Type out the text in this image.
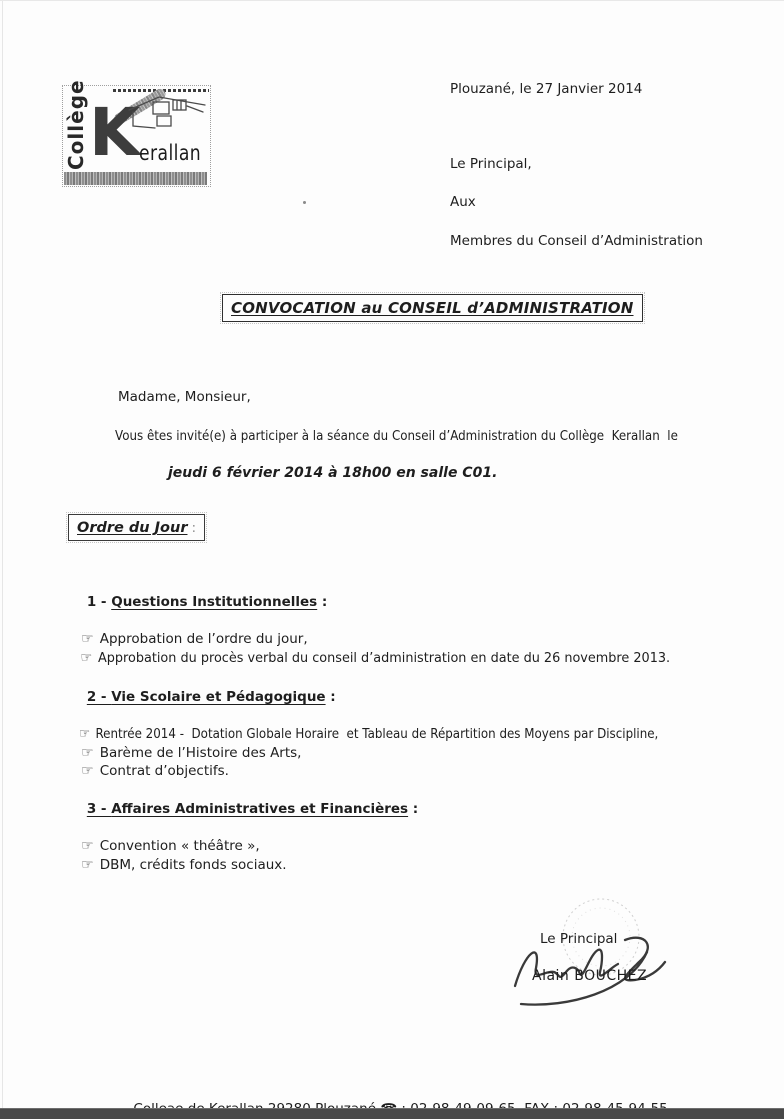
Collège K
erallan
Plouzané, le 27 Janvier 2014
Le Principal,
Aux
Membres du Conseil d’Administration
CONVOCATION au CONSEIL d’ADMINISTRATION
Madame, Monsieur,
Vous êtes invité(e) à participer à la séance du Conseil d’Administration du Collège  Kerallan  le
jeudi 6 février 2014 à 18h00 en salle C01.
Ordre du Jour :

1 - Questions Institutionnelles :

☞ Approbation de l’ordre du jour,

☞ Approbation du procès verbal du conseil d’administration en date du 26 novembre 2013.

2 - Vie Scolaire et Pédagogique :

☞ Rentrée 2014 -  Dotation Globale Horaire  et Tableau de Répartition des Moyens par Discipline,

☞ Barème de l’Histoire des Arts,

☞ Contrat d’objectifs.

3 - Affaires Administratives et Financières :

☞ Convention « théâtre »,

☞ DBM, crédits fonds sociaux.

Le Principal
Alain BOUCHEZ
